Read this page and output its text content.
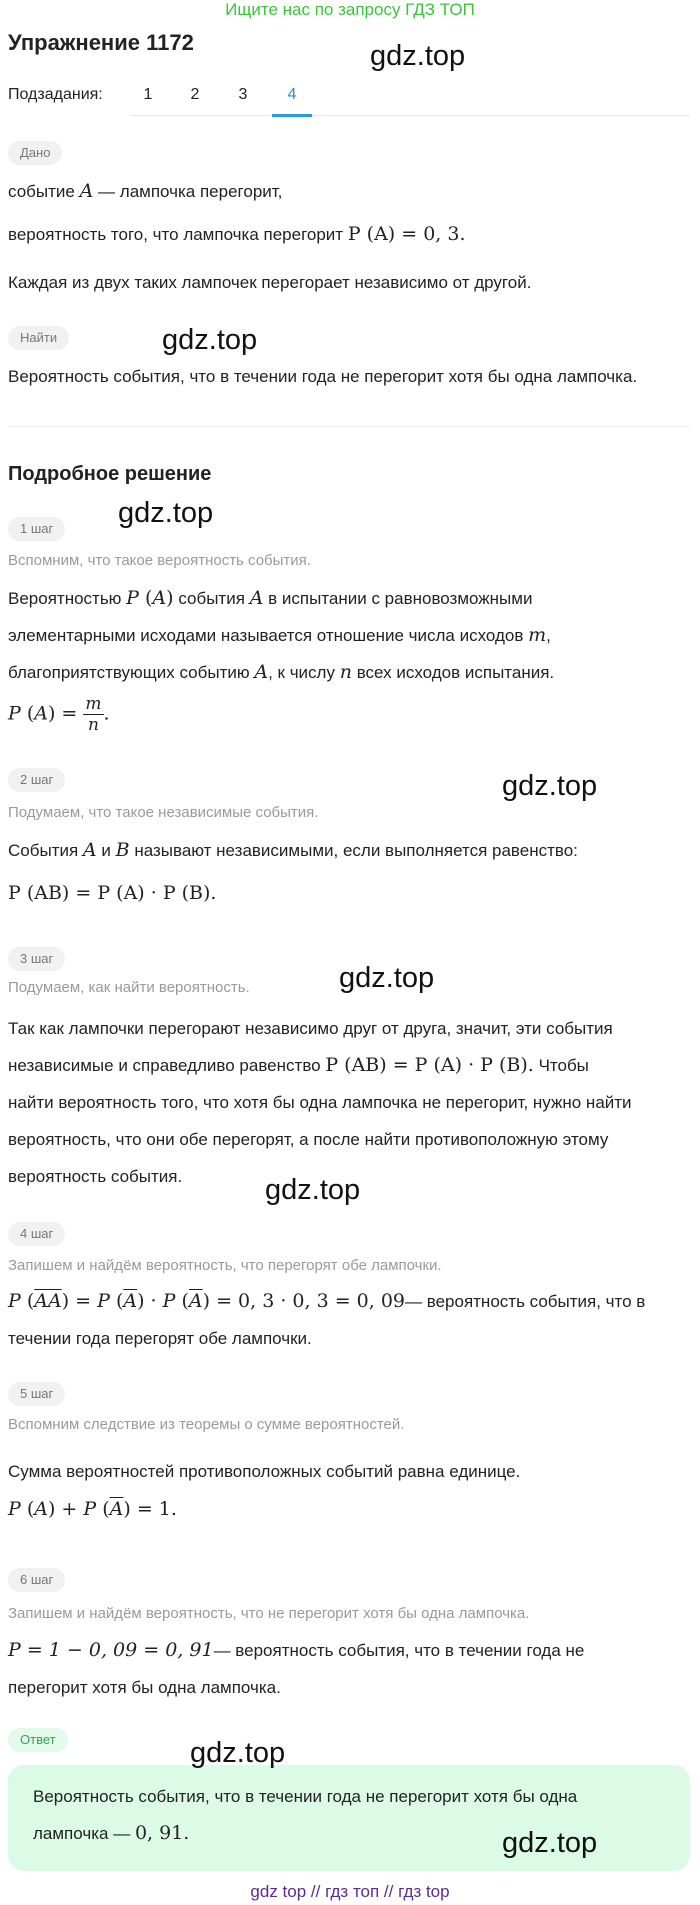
Ищите нас по запросу ГДЗ ТОП
Упражнение 1172	gdz.top
gdz.top
gdz.top
gdz.top
gdz.top
gdz.top
Подзадания:	1	2	3	4
Дано
событие A — лампочка перегорит,
вероятность того, что лампочка перегорит P (A) = 0, 3.
Каждая из двух таких лампочек перегорает независимо от другой.
Найти
Вероятность события, что в течении года не перегорит хотя бы одна лампочка.
Подробное решение
1 шаг
Вспомним, что такое вероятность события.
Вероятностью P (A) события A в испытании с равновозможными
элементарными исходами называется отношение числа исходов m,
благоприятствующих событию A, к числу n всех исходов испытания.
P $(A) = \frac{m}{n}$ .
2 шаг
Подумаем, что такое независимые события.
События A и B называют независимыми, если выполняется равенство:
P (AB) = P (A) · P (B).
3 шаг
Подумаем, как найти вероятность.
Так как лампочки перегорают независимо друг от друга, значит, эти события
независимые и справедливо равенство P (AB) = P (A) · P (B). Чтобы
найти вероятность того, что хотя бы одна лампочка не перегорит, нужно найти
вероятность, что они обе перегорят, а после найти противоположную этому
вероятность события.
4 шаг
Запишем и найдём вероятность, что перегорят обе лампочки.
P $(\overline{AA}) = P$ $(\overline{A}) \cdot P$ $(\overline{A}) = 0$, 3 · 0, 3 = 0, 09— вероятность события, что в
течении года перегорят обе лампочки.
5 шаг
Вспомним следствие из теоремы о сумме вероятностей.
Сумма вероятностей противоположных событий равна единице.
P (A) + P $(\overline{A}) = 1$.
6 шаг
Запишем и найдём вероятность, что не перегорит хотя бы одна лампочка.
P = 1 − 0, 09 = 0, 91— вероятность события, что в течении года не
перегорит хотя бы одна лампочка.
Ответ
Вероятность события, что в течении года не перегорит хотя бы одна
лампочка — 0, 91.
gdz.top
gdz.top
gdz top // гдз топ // гдз top
